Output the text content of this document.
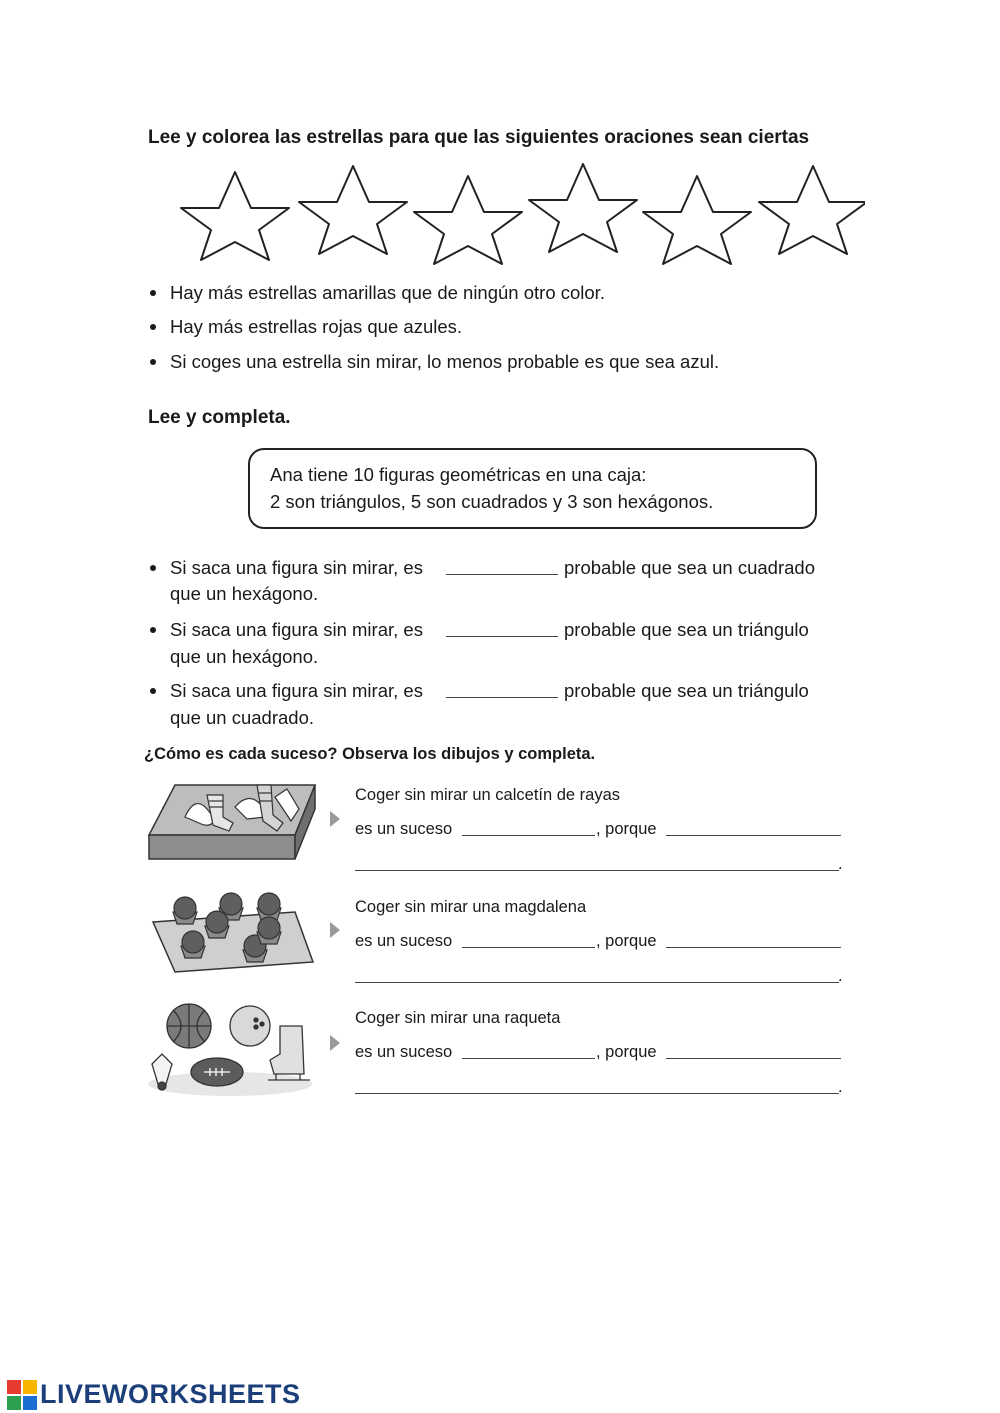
Lee y colorea las estrellas para que las siguientes oraciones sean ciertas
Hay más estrellas amarillas que de ningún otro color.
Hay más estrellas rojas que azules.
Si coges una estrella sin mirar, lo menos probable es que sea azul.
Lee y completa.
Ana tiene 10 figuras geométricas en una caja:
2 son triángulos, 5 son cuadrados y 3 son hexágonos.
Si saca una figura sin mirar, es	probable que sea un cuadrado
que un hexágono.
Si saca una figura sin mirar, es	probable que sea un triángulo
que un hexágono.
Si saca una figura sin mirar, es	probable que sea un triángulo
que un cuadrado.
¿Cómo es cada suceso? Observa los dibujos y completa.
Coger sin mirar un calcetín de rayas
es un suceso	, porque
.
Coger sin mirar una magdalena
es un suceso	, porque
.
Coger sin mirar una raqueta
es un suceso	, porque
.
LIVEWORKSHEETS
